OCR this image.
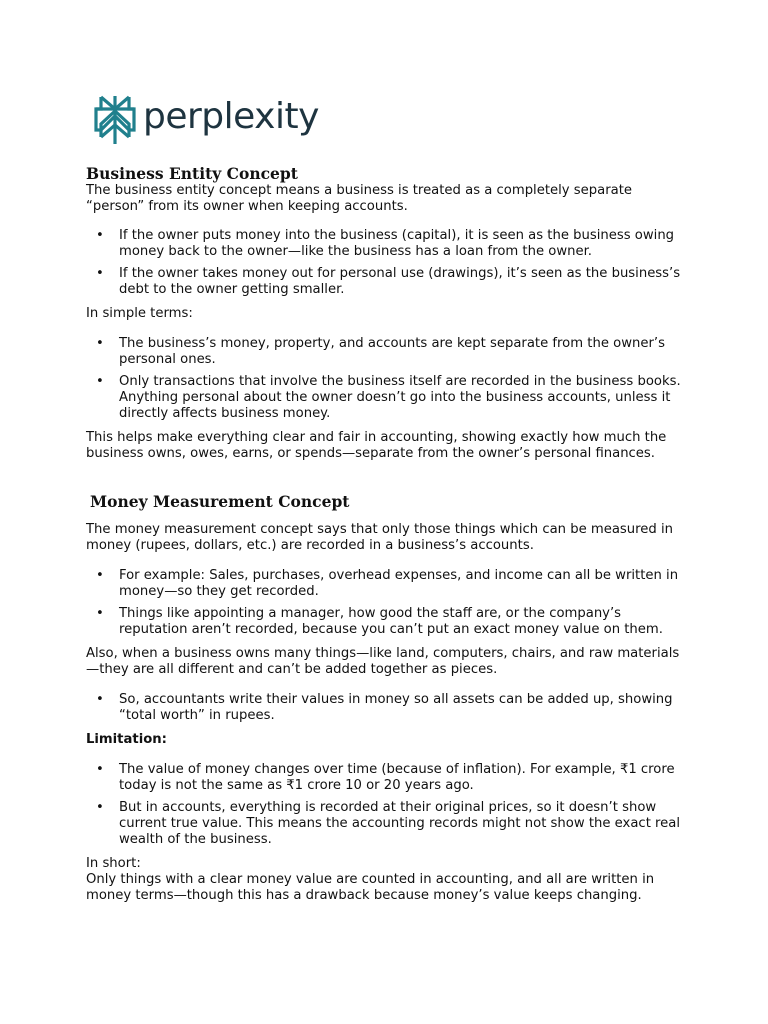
perplexity
Business Entity Concept

The business entity concept means a business is treated as a completely separate “person” from its owner when keeping accounts.

• If the owner puts money into the business (capital), it is seen as the business owing money back to the owner—like the business has a loan from the owner.
• If the owner takes money out for personal use (drawings), it’s seen as the business’s debt to the owner getting smaller.

In simple terms:

• The business’s money, property, and accounts are kept separate from the owner’s personal ones.
• Only transactions that involve the business itself are recorded in the business books. Anything personal about the owner doesn’t go into the business accounts, unless it directly affects business money.

This helps make everything clear and fair in accounting, showing exactly how much the business owns, owes, earns, or spends—separate from the owner’s personal finances.

Money Measurement Concept

The money measurement concept says that only those things which can be measured in money (rupees, dollars, etc.) are recorded in a business’s accounts.

• For example: Sales, purchases, overhead expenses, and income can all be written in money—so they get recorded.
• Things like appointing a manager, how good the staff are, or the company’s reputation aren’t recorded, because you can’t put an exact money value on them.

Also, when a business owns many things—like land, computers, chairs, and raw materials—they are all different and can’t be added together as pieces.

• So, accountants write their values in money so all assets can be added up, showing “total worth” in rupees.

Limitation:

• The value of money changes over time (because of inflation). For example, ₹1 crore today is not the same as ₹1 crore 10 or 20 years ago.
• But in accounts, everything is recorded at their original prices, so it doesn’t show current true value. This means the accounting records might not show the exact real wealth of the business.

In short:

Only things with a clear money value are counted in accounting, and all are written in money terms—though this has a drawback because money’s value keeps changing.
